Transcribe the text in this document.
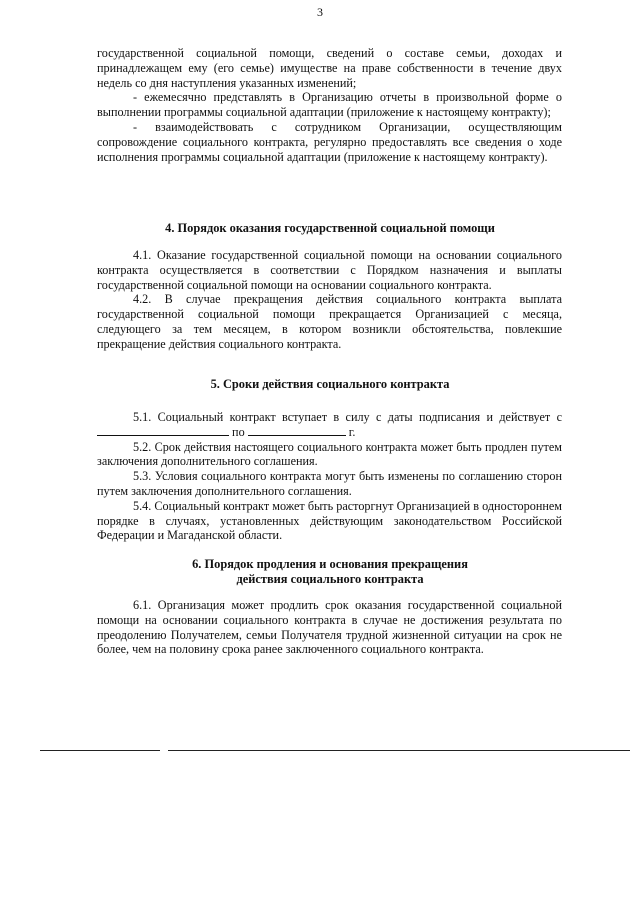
3

государственной социальной помощи, сведений о составе семьи, доходах и принадлежащем ему (его семье) имуществе на праве собственности в течение двух недель со дня наступления указанных изменений;

- ежемесячно представлять в Организацию отчеты в произвольной форме о выполнении программы социальной адаптации (приложение к настоящему контракту);

- взаимодействовать с сотрудником Организации, осуществляющим сопровождение социального контракта, регулярно предоставлять все сведения о ходе исполнения программы социальной адаптации (приложение к настоящему контракту).

4. Порядок оказания государственной социальной помощи

4.1. Оказание государственной социальной помощи на основании социального контракта осуществляется в соответствии с Порядком назначения и выплаты государственной социальной помощи на основании социального контракта.

4.2. В случае прекращения действия социального контракта выплата государственной социальной помощи прекращается Организацией с месяца, следующего за тем месяцем, в котором возникли обстоятельства, повлекшие прекращение действия социального контракта.

5. Сроки действия социального контракта

5.1. Социальный контракт вступает в силу с даты подписания и действует с  по	г.

5.2. Срок действия настоящего социального контракта может быть продлен путем заключения дополнительного соглашения.

5.3. Условия социального контракта могут быть изменены по соглашению сторон путем заключения дополнительного соглашения.

5.4. Социальный контракт может быть расторгнут Организацией в одностороннем порядке в случаях, установленных действующим законодательством Российской Федерации и Магаданской области.

6. Порядок продления и основания прекращения
действия социального контракта

6.1. Организация может продлить срок оказания государственной социальной помощи на основании социального контракта в случае не достижения результата по преодолению Получателем, семьи Получателя трудной жизненной ситуации на срок не более, чем на половину срока ранее заключенного социального контракта.
